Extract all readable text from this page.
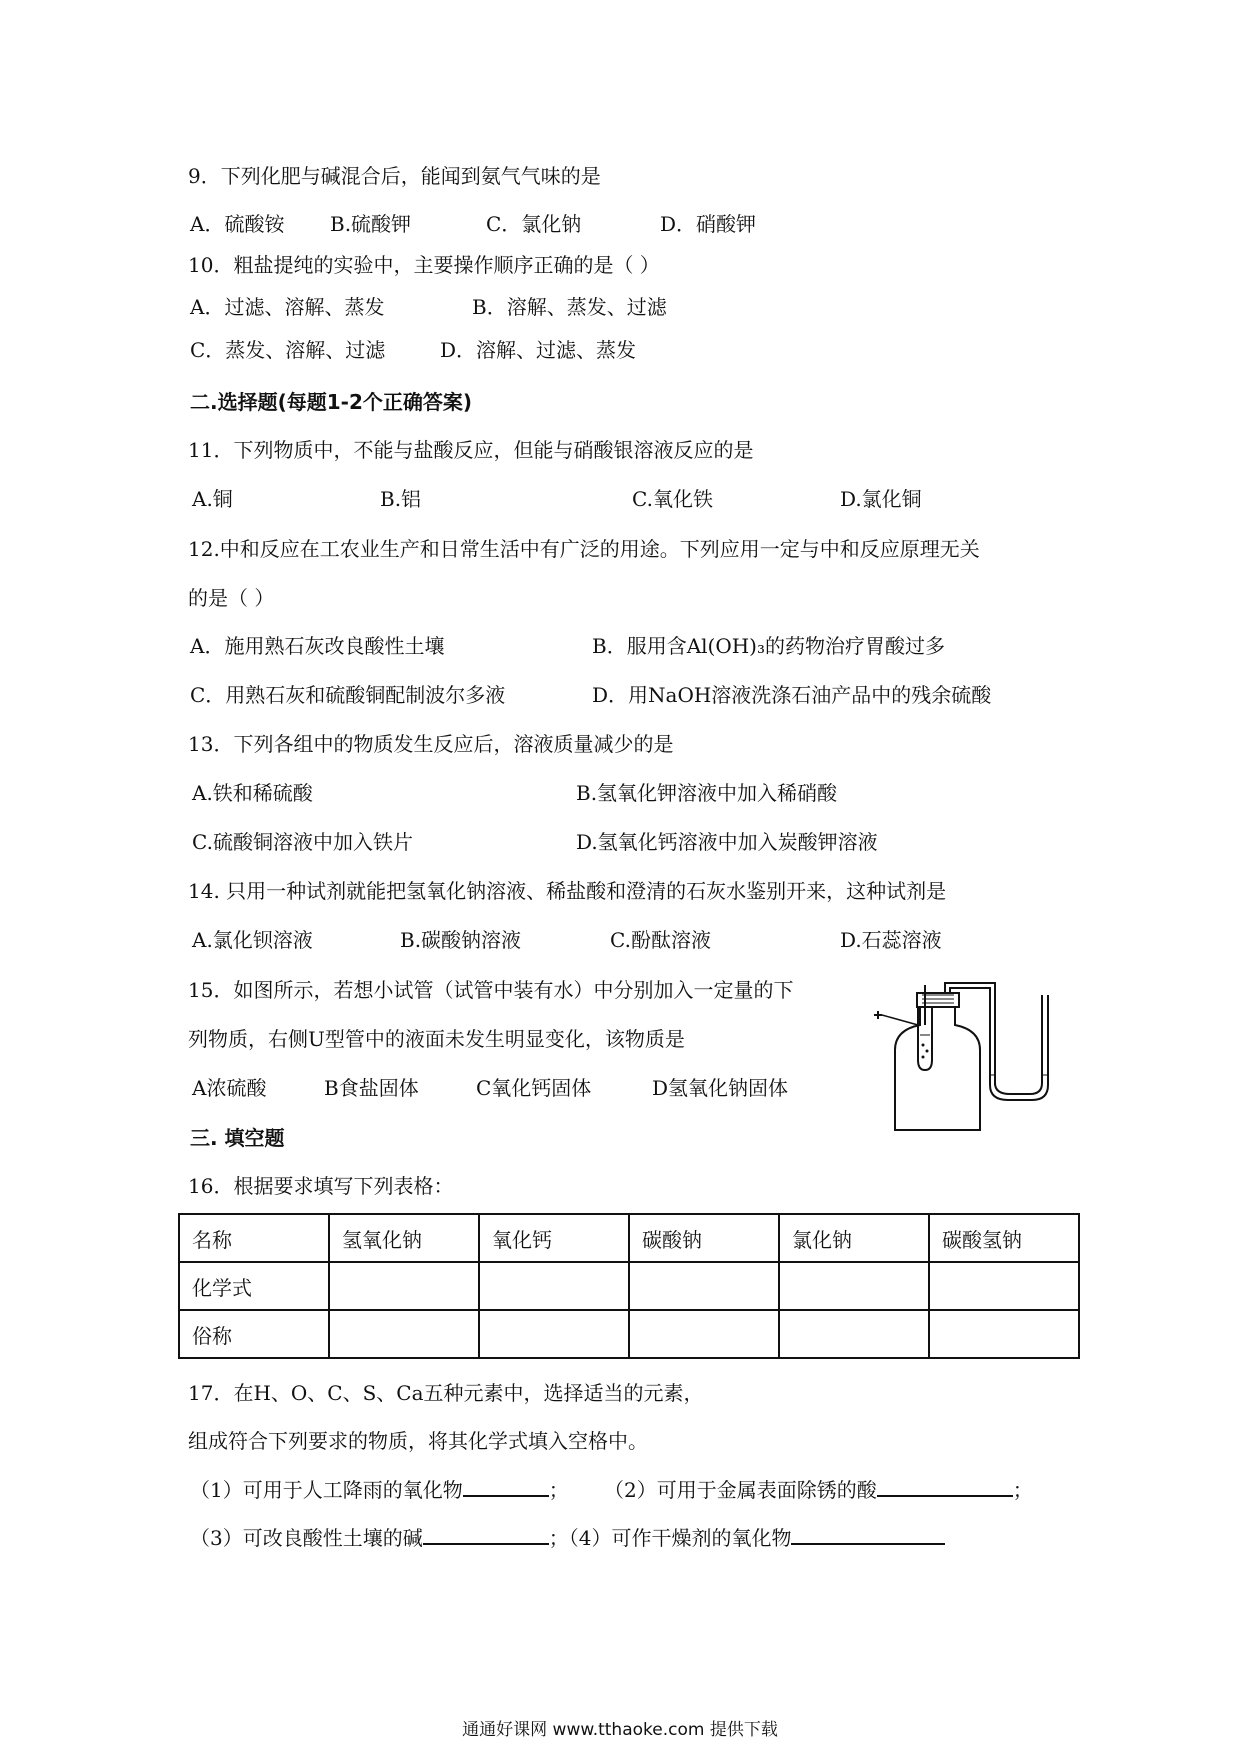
9．下列化肥与碱混合后，能闻到氨气气味的是
A．硫酸铵 B.硫酸钾	C．氯化钠	D．硝酸钾
10．粗盐提纯的实验中，主要操作顺序正确的是（ ）
A．过滤、溶解、蒸发	B．溶解、蒸发、过滤
C．蒸发、溶解、过滤	D．溶解、过滤、蒸发
二.选择题(每题1-2个正确答案)
11．下列物质中，不能与盐酸反应，但能与硝酸银溶液反应的是
A.铜	B.铝	C.氧化铁	D.氯化铜
12.中和反应在工农业生产和日常生活中有广泛的用途。下列应用一定与中和反应原理无关
的是（ ）
A．施用熟石灰改良酸性土壤	B．服用含Al(OH)₃的药物治疗胃酸过多
C．用熟石灰和硫酸铜配制波尔多液	D．用NaOH溶液洗涤石油产品中的残余硫酸
13．下列各组中的物质发生反应后，溶液质量减少的是
A.铁和稀硫酸	B.氢氧化钾溶液中加入稀硝酸
C.硫酸铜溶液中加入铁片	D.氢氧化钙溶液中加入炭酸钾溶液
14. 只用一种试剂就能把氢氧化钠溶液、稀盐酸和澄清的石灰水鉴别开来，这种试剂是
A.氯化钡溶液	B.碳酸钠溶液	C.酚酞溶液	D.石蕊溶液
15．如图所示，若想小试管（试管中装有水）中分别加入一定量的下
列物质，右侧U型管中的液面未发生明显变化，该物质是
A浓硫酸	B食盐固体	C氧化钙固体	D氢氧化钠固体
三. 填空题
16．根据要求填写下列表格：
名称	氢氧化钠	氧化钙	碳酸钠	氯化钠	碳酸氢钠
化学式					
俗称					
17．在H、O、C、S、Ca五种元素中，选择适当的元素，
组成符合下列要求的物质，将其化学式填入空格中。
（1）可用于人工降雨的氧化物	； （2）可用于金属表面除锈的酸	；
（3）可改良酸性土壤的碱	；（4）可作干燥剂的氧化物
通通好课网 www.tthaoke.com 提供下载
